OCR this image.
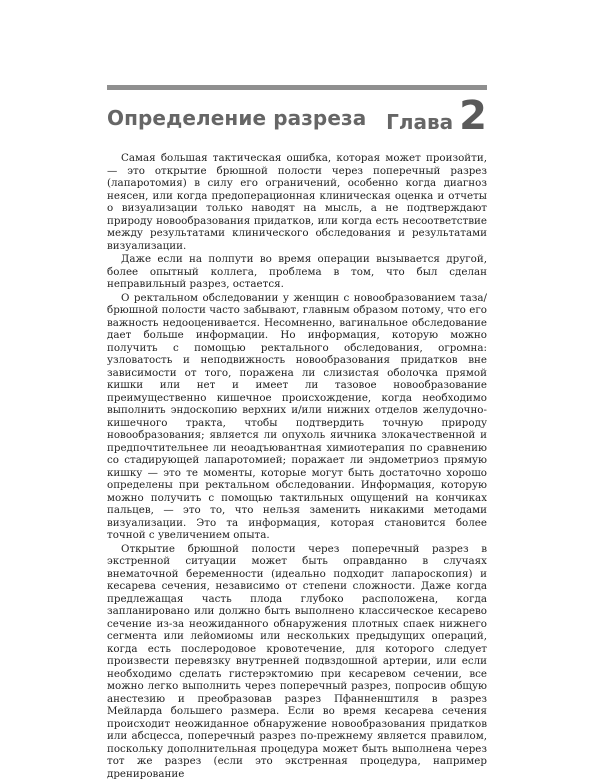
Определение разреза Глава 2

Самая большая тактическая ошибка, которая может произойти, — это открытие брюшной полости через поперечный разрез (лапаротомия) в силу его ограничений, особенно когда диагноз неясен, или когда предоперационная клиническая оценка и отчеты о визуализации только наводят на мысль, а не подтверждают природу новообразования придатков, или когда есть несоответствие между результатами клинического обследования и результатами визуализации.

Даже если на полпути во время операции вызывается другой, более опытный коллега, проблема в том, что был сделан неправильный разрез, остается.

О ректальном обследовании у женщин с новообразованием таза/брюшной полости часто забывают, главным образом потому, что его важность недооценивается. Несомненно, вагинальное обследование дает больше информации. Но информация, которую можно получить с помощью ректального обследования, огромна: узловатость и неподвижность новообразования придатков вне зависимости от того, поражена ли слизистая оболочка прямой кишки или нет и имеет ли тазовое новообразование преимущественно кишечное происхождение, когда необходимо выполнить эндоскопию верхних и/или нижних отделов желудочно-кишечного тракта, чтобы подтвердить точную природу новообразования; является ли опухоль яичника злокачественной и предпочтительнее ли неоадъювантная химиотерапия по сравнению со стадирующей лапаротомией; поражает ли эндометриоз прямую кишку — это те моменты, которые могут быть достаточно хорошо определены при ректальном обследовании. Информация, которую можно получить с помощью тактильных ощущений на кончиках пальцев, — это то, что нельзя заменить никакими методами визуализации. Это та информация, которая становится более точной с увеличением опыта.

Открытие брюшной полости через поперечный разрез в экстренной ситуации может быть оправданно в случаях внематочной беременности (идеально подходит лапароскопия) и кесарева сечения, независимо от степени сложности. Даже когда предлежащая часть плода глубоко расположена, когда запланировано или должно быть выполнено классическое кесарево сечение из-за неожиданного обнаружения плотных спаек нижнего сегмента или лейомиомы или нескольких предыдущих операций, когда есть послеродовое кровотечение, для которого следует произвести перевязку внутренней подвздошной артерии, или если необходимо сделать гистерэктомию при кесаревом сечении, все можно легко выполнить через поперечный разрез, попросив общую анестезию и преобразовав разрез Пфанненштиля в разрез Мейларда большего размера. Если во время кесарева сечения происходит неожиданное обнаружение новообразования придатков или абсцесса, поперечный разрез по-прежнему является правилом, поскольку дополнительная процедура может быть выполнена через тот же разрез (если это экстренная процедура, например дренирование
